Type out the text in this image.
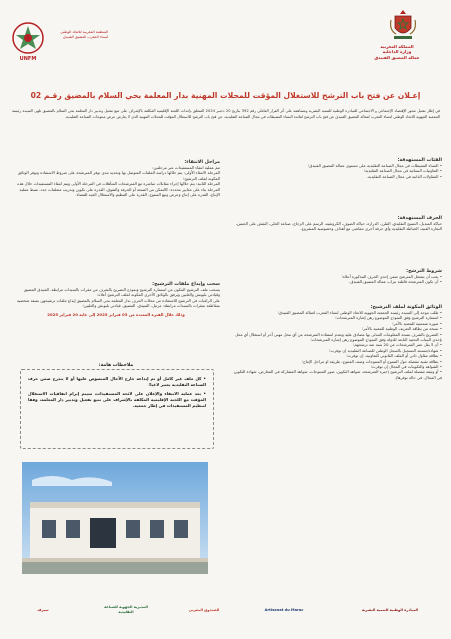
UNFM
المنظمة المغربية للاتحاد الوطني لنساء المغرب المضيق الفنيدق
المملكة المغربية
وزارة الداخلية
عمالة المضيق الفنيدق
إعـلان عن فتح باب الترشح للاستغلال المؤقت للمحلات المهنية بدار المعلمة بحي السلام بالمضيق رقـم 02
في إطار تفعيل محور الإقتصاد الإجتماعي و الاجتماعي للمبادرة الوطنية للتنمية البشرية ومساهمة على أثر القرار العاملي رقم 392 بتاريخ 20 دجنبر 2024 المتعلق بإحداث اللجنة الإقليمية المكلفة بالإشراف على تتبع تفعيل وتدبير دار المعلمة بحي السلام بالمضيق تلهى السيدة رئيسة الجمعية الجهوية للاتحاد الوطني لنساء المغرب لعمالة المضيق الفنيدق عن فتح باب الترشح لفائدة النساء النشيطات في مجال الصناعة التقليدية، عن فتح باب الترشح للاستغلال المؤقت للمحلات المهنية الذي لا يعارض عرض منتوجات الصناعة التقليدية.
الفئات المستهدفة:
• النساء النشيطات في مجال الصناعة التقليدية على مستوى عمالة المضيق الفنيدق؛
• التعاونيات النسائية في مجال الصناعة التقليدية؛
• المقاولات الذاتية في مجال الصناعة التقليدية.
الحرف المستهدفة:
حياكة المنديل، النسيج التقليدي، الطرز، الدرازة، حياكة الصوف، الكروشيه، الرسم على الزجاج، صناعة الحلي، النقش على الجبس، النجارة الفنية، الخياطة التقليدية وأي حرفة أخرى تتماشى مع أهداف وخصوصية المشروع.
شروط الترشح:
• يجب أن يشتغل المترشح ضمن إحدى الحرف المذكورة أعلاه؛
• أن تكون المترشحة قاطنة بتراب عمالة المضيق-الفنيدق.
الوثائق المكونة لملف الترشيح:
• طلب موجه إلى السيدة رئيسة الجمعية الجهوية للاتحاد الوطني لنساء المغرب لعمالة المضيق الفنيدق؛
• استمارة الترشيح وفق النموذج الموضوع رهن إشارة المترشحات؛
• صورة شمسية للمعنية بالأمر؛
• نسخة من بطاقة التعريف الوطنية للمعنية بالأمر؛
• التصريح بالشرف بصحة المعلومات المدلى بها مصادق عليه وبعدم استفادة المترشحة من أي محل مهني آخر أو استغلال أي محل بإحدى البنيات التحتية التابعة للدولة وفق النموذج الموضوع رهن إشارة المترشحات؛
• أن لا يقل عمر المترشحات عن 20 سنة عند ترشحهم؛
• شهادة/مستند التسجيل بالسجل الوطني للصناعة التقليدية إن توفرت؛
• بطاقة مقاول ذاتي أو الملف القانوني للتعاونية، إن توفرت؛
• بطاقة تقنية مفصلة حول المنتوج أو المنتوجات وصف المنتوج، طريقة او مراحل الإنتاج؛
• الشواهد والتكوينات في المجال إن توفرت؛
• أو وثيقة مفصلة لملف الترشيح (خبرة المترشحة، شواهد التكوين، صور المنتوجات، شواهد المشاركة في المعارض، شهادة التكوين في المجال، في حالة توفرها).
مراحل الانتقاء:
تتم عملية انتقاء المستفيدات عبر مرحلتين:
المرحلة الانتقاء الأولى: يتم خلالها دراسة الملفات المتوصل بها وتحديد مدى توفر المترشحة على شروط الاستفادة وتوفر الوثائق المكونة لملف الترشيح؛
المرحلة الثانية: يتم خلالها إجراء مقابلات مباشرة مع المترشحات المتأهلات في المرحلة الأولى ويتم انتقاء المستفيدات خلال هذه المرحلة بناء على معايير محددة: كالتمكن من الصنعة أو الحرفة والتفوق، القدرة على تكوين وتدريب متعلمات جدد، ضبط عملية الإنتاج، القدرة على إنتاج وعرض وبيع المنتوج، القدرة على التنظيم والاستغلال الجيد للفضاء.
سحب وإيداع ملفات الترشيح:
يسحب ملف الترشيح المكون من استمارة الترشيح ونموذج التصريح بالشرف من مقرات بالسيدات مرابطة، الفنيدق المضيق وقيادتي بليونش والعليين ويرفق بالوثائق الأخرى المكونة لملف الترشيح أعلاه؛
على الراغبات في الترشيح للاستفادة من محلات الحرف بدار المعلمة بحي السلام بالمضيق إيداع ملفات ترشيحهن بصفة شخصية بمقاطعة بمقرات بالسيدات مرابطة: مرتيل، الفنيدق، المضيق، قيادتي بليونش والعليين؛
وذلك خلال الفترة الممتدة من 05 فبراير 2025 إلى غاية 20 فبراير 2025
ملاحظات هامة:
• كل ملف غير كامل أو تم إيداعه خارج الآجال المنصوص عليها أو لا يندرج ضمن حرف الصناعة التقليدية يعتبر لاغيا؛
• بعد عملية الانتقاء والإعلان على لائحة المستفيدات، سيتم إبرام اتفاقيات الاستغلال المؤقت مع اللجنة الإقليمية المكلفة بالإشراف على تتبع تفعيل وتدبير دار المعلمة، وفقا لتنظيم المستفيدات في إطار جمعية.
سيرف
المديرية الجهوية للصناعة التقليدية
الصندوق المغربي	Artisanat du Maroc	المبادرة الوطنية للتنمية البشرية
